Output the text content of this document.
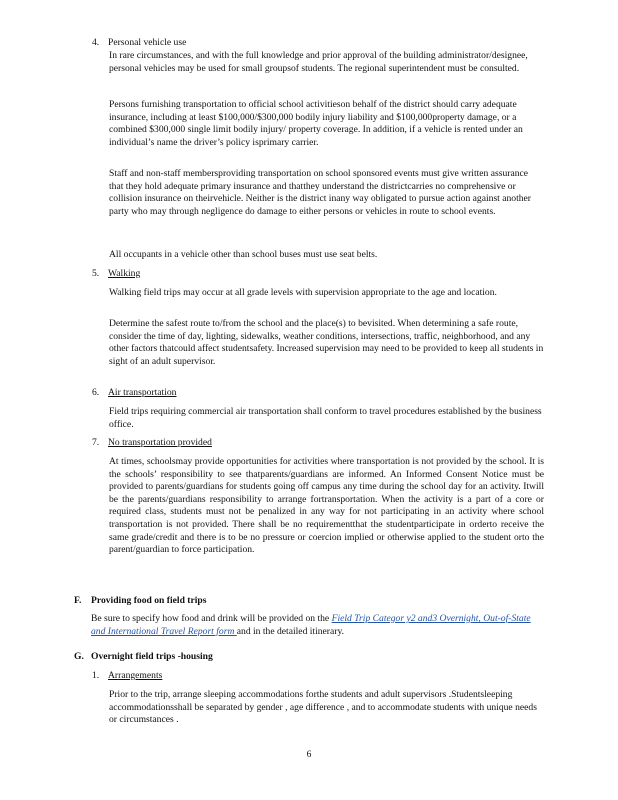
4. Personal vehicle use

In rare circumstances, and with the full knowledge and prior approval of the building administrator/designee, personal vehicles may be used for small groupsof students. The regional superintendent must be consulted.

Persons furnishing transportation to official school activitieson behalf of the district should carry adequate insurance, including at least $100,000/$300,000 bodily injury liability and $100,000property damage, or a combined $300,000 single limit bodily injury/ property coverage. In addition, if a vehicle is rented under an individual’s name the driver’s policy isprimary carrier.

Staff and non-staff membersproviding transportation on school sponsored events must give written assurance that they hold adequate primary insurance and thatthey understand the districtcarries no comprehensive or collision insurance on theirvehicle. Neither is the district inany way obligated to pursue action against another party who may through negligence do damage to either persons or vehicles in route to school events.

All occupants in a vehicle other than school buses must use seat belts.

5. Walking

Walking field trips may occur at all grade levels with supervision appropriate to the age and location.

Determine the safest route to/from the school and the place(s) to bevisited. When determining a safe route, consider the time of day, lighting, sidewalks, weather conditions, intersections, traffic, neighborhood, and any other factors thatcould affect studentsafety. Increased supervision may need to be provided to keep all students in sight of an adult supervisor.

6. Air transportation

Field trips requiring commercial air transportation shall conform to travel procedures established by the business office.

7. No transportation provided

At times, schoolsmay provide opportunities for activities where transportation is not provided by the school. It is the schools’ responsibility to see thatparents/guardians are informed. An Informed Consent Notice must be provided to parents/guardians for students going off campus any time during the school day for an activity. Itwill be the parents/guardians responsibility to arrange fortransportation. When the activity is a part of a core or required class, students must not be penalized in any way for not participating in an activity where school transportation is not provided. There shall be no requirementthat the studentparticipate in orderto receive the same grade/credit and there is to be no pressure or coercion implied or otherwise applied to the student orto the parent/guardian to force participation.

F. Providing food on field trips

Be sure to specify how food and drink will be provided on the Field Trip Categor y2 and3 Overnight, Out-of-State and International Travel Report form and in the detailed itinerary.

G. Overnight field trips -housing
1. Arrangements

Prior to the trip, arrange sleeping accommodations forthe students and adult supervisors .Studentsleeping accommodationsshall be separated by gender , age difference , and to accommodate students with unique needs or circumstances .

6
